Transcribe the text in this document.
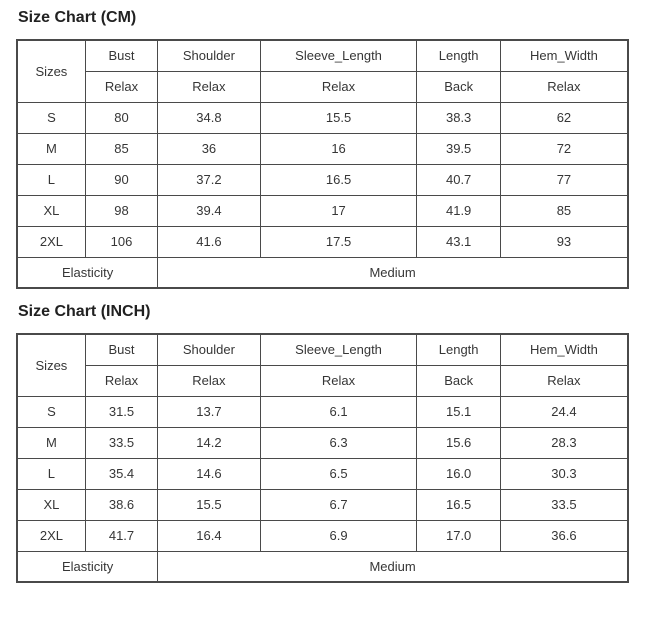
Size Chart (CM)
Sizes	Bust	Shoulder	Sleeve_Length	Length	Hem_Width
	Relax	Relax	Relax	Back	Relax
S	80	34.8	15.5	38.3	62
M	85	36	16	39.5	72
L	90	37.2	16.5	40.7	77
XL	98	39.4	17	41.9	85
2XL	106	41.6	17.5	43.1	93
Elasticity		Medium			
Size Chart (INCH)
Sizes	Bust	Shoulder	Sleeve_Length	Length	Hem_Width
	Relax	Relax	Relax	Back	Relax
S	31.5	13.7	6.1	15.1	24.4
M	33.5	14.2	6.3	15.6	28.3
L	35.4	14.6	6.5	16.0	30.3
XL	38.6	15.5	6.7	16.5	33.5
2XL	41.7	16.4	6.9	17.0	36.6
Elasticity		Medium			
